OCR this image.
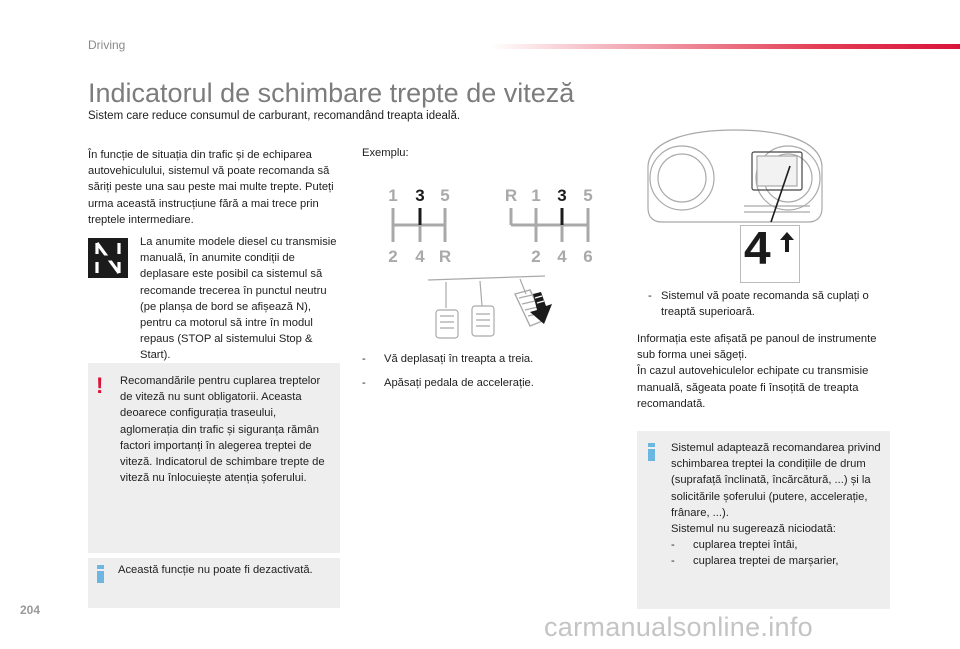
Driving
Indicatorul de schimbare trepte de viteză
Sistem care reduce consumul de carburant, recomandând treapta ideală.
În funcție de situația din trafic și de echiparea autovehiculului, sistemul vă poate recomanda să săriți peste una sau peste mai multe trepte. Puteți urma această instrucțiune fără a mai trece prin treptele intermediare.
La anumite modele diesel cu transmisie manuală, în anumite condiții de deplasare este posibil ca sistemul să recomande trecerea în punctul neutru (pe planșa de bord se afișează N), pentru ca motorul să intre în modul repaus (STOP al sistemului Stop & Start).
! Recomandările pentru cuplarea treptelor de viteză nu sunt obligatorii. Aceasta deoarece configurația traseului, aglomerația din trafic și siguranța rămân factori importanți în alegerea treptei de viteză. Indicatorul de schimbare trepte de viteză nu înlocuiește atenția șoferului.
Această funcție nu poate fi dezactivată.
Exemplu:
1 3 5
2 4 R
R 1 3 5
2 4 6
- Vă deplasați în treapta a treia.
- Apăsați pedala de accelerație.
4
- Sistemul vă poate recomanda să cuplați o treaptă superioară.
Informația este afișată pe panoul de instrumente sub forma unei săgeți.
În cazul autovehiculelor echipate cu transmisie manuală, săgeata poate fi însoțită de treapta recomandată.
Sistemul adaptează recomandarea privind schimbarea treptei la condițiile de drum (suprafață înclinată, încărcătură, ...) și la solicitările șoferului (putere, accelerație, frânare, ...).
Sistemul nu sugerează niciodată:
- cuplarea treptei întâi,
- cuplarea treptei de marșarier,
204
carmanualsonline.info
